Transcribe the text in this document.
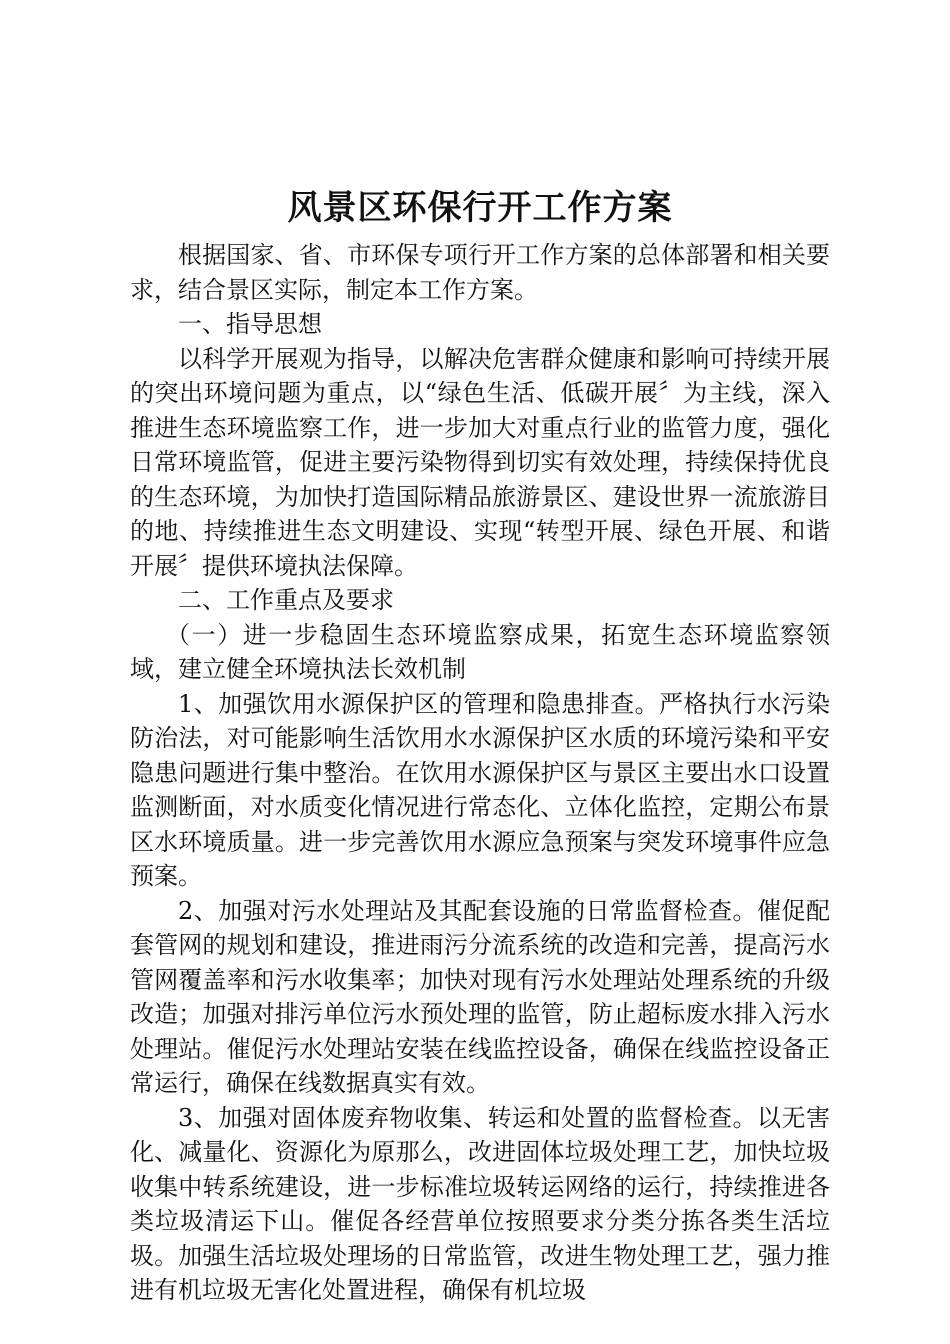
风景区环保行开工作方案

根据国家、省、市环保专项行开工作方案的总体部署和相关要求，结合景区实际，制定本工作方案。

一、指导思想

以科学开展观为指导，以解决危害群众健康和影响可持续开展的突出环境问题为重点，以“绿色生活、低碳开展〞为主线，深入推进生态环境监察工作，进一步加大对重点行业的监管力度，强化日常环境监管，促进主要污染物得到切实有效处理，持续保持优良的生态环境，为加快打造国际精品旅游景区、建设世界一流旅游目的地、持续推进生态文明建设、实现“转型开展、绿色开展、和谐开展〞提供环境执法保障。

二、工作重点及要求

（一）进一步稳固生态环境监察成果，拓宽生态环境监察领域，建立健全环境执法长效机制

1、加强饮用水源保护区的管理和隐患排查。严格执行水污染防治法，对可能影响生活饮用水水源保护区水质的环境污染和平安隐患问题进行集中整治。在饮用水源保护区与景区主要出水口设置监测断面，对水质变化情况进行常态化、立体化监控，定期公布景区水环境质量。进一步完善饮用水源应急预案与突发环境事件应急预案。

2、加强对污水处理站及其配套设施的日常监督检查。催促配套管网的规划和建设，推进雨污分流系统的改造和完善，提高污水管网覆盖率和污水收集率；加快对现有污水处理站处理系统的升级改造；加强对排污单位污水预处理的监管，防止超标废水排入污水处理站。催促污水处理站安装在线监控设备，确保在线监控设备正常运行，确保在线数据真实有效。

3、加强对固体废弃物收集、转运和处置的监督检查。以无害化、减量化、资源化为原那么，改进固体垃圾处理工艺，加快垃圾收集中转系统建设，进一步标准垃圾转运网络的运行，持续推进各类垃圾清运下山。催促各经营单位按照要求分类分拣各类生活垃圾。加强生活垃圾处理场的日常监管，改进生物处理工艺，强力推进有机垃圾无害化处置进程，确保有机垃圾
